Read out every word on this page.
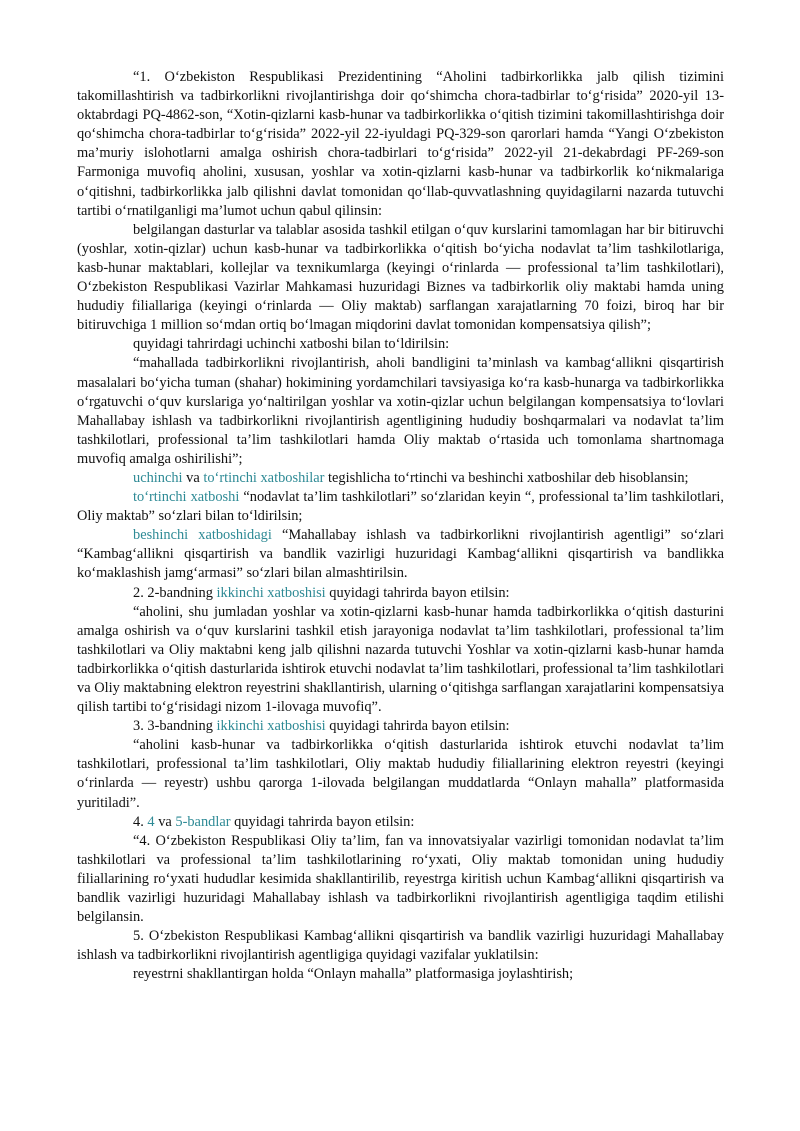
“1. O‘zbekiston Respublikasi Prezidentining “Aholini tadbirkorlikka jalb qilish tizimini takomillashtirish va tadbirkorlikni rivojlantirishga doir qo‘shimcha chora-tadbirlar to‘g‘risida” 2020-yil 13-oktabrdagi PQ-4862-son, “Xotin-qizlarni kasb-hunar va tadbirkorlikka o‘qitish tizimini takomillashtirishga doir qo‘shimcha chora-tadbirlar to‘g‘risida” 2022-yil 22-iyuldagi PQ-329-son qarorlari hamda “Yangi O‘zbekiston ma’muriy islohotlarni amalga oshirish chora-tadbirlari to‘g‘risida” 2022-yil 21-dekabrdagi PF-269-son Farmoniga muvofiq aholini, xususan, yoshlar va xotin-qizlarni kasb-hunar va tadbirkorlik ko‘nikmalariga o‘qitishni, tadbirkorlikka jalb qilishni davlat tomonidan qo‘llab-quvvatlashning quyidagilarni nazarda tutuvchi tartibi o‘rnatilganligi ma’lumot uchun qabul qilinsin:

belgilangan dasturlar va talablar asosida tashkil etilgan o‘quv kurslarini tamomlagan har bir bitiruvchi (yoshlar, xotin-qizlar) uchun kasb-hunar va tadbirkorlikka o‘qitish bo‘yicha nodavlat ta’lim tashkilotlariga, kasb-hunar maktablari, kollejlar va texnikumlarga (keyingi o‘rinlarda — professional ta’lim tashkilotlari), O‘zbekiston Respublikasi Vazirlar Mahkamasi huzuridagi Biznes va tadbirkorlik oliy maktabi hamda uning hududiy filiallariga (keyingi o‘rinlarda — Oliy maktab) sarflangan xarajatlarning 70 foizi, biroq har bir bitiruvchiga 1 million so‘mdan ortiq bo‘lmagan miqdorini davlat tomonidan kompensatsiya qilish”;

quyidagi tahrirdagi uchinchi xatboshi bilan to‘ldirilsin:

“mahallada tadbirkorlikni rivojlantirish, aholi bandligini ta’minlash va kambag‘allikni qisqartirish masalalari bo‘yicha tuman (shahar) hokimining yordamchilari tavsiyasiga ko‘ra kasb-hunarga va tadbirkorlikka o‘rgatuvchi o‘quv kurslariga yo‘naltirilgan yoshlar va xotin-qizlar uchun belgilangan kompensatsiya to‘lovlari Mahallabay ishlash va tadbirkorlikni rivojlantirish agentligining hududiy boshqarmalari va nodavlat ta’lim tashkilotlari, professional ta’lim tashkilotlari hamda Oliy maktab o‘rtasida uch tomonlama shartnomaga muvofiq amalga oshirilishi”;

uchinchi va to‘rtinchi xatboshilar tegishlicha to‘rtinchi va beshinchi xatboshilar deb hisoblansin;

to‘rtinchi xatboshi “nodavlat ta’lim tashkilotlari” so‘zlaridan keyin “, professional ta’lim tashkilotlari, Oliy maktab” so‘zlari bilan to‘ldirilsin;

beshinchi xatboshidagi “Mahallabay ishlash va tadbirkorlikni rivojlantirish agentligi” so‘zlari “Kambag‘allikni qisqartirish va bandlik vazirligi huzuridagi Kambag‘allikni qisqartirish va bandlikka ko‘maklashish jamg‘armasi” so‘zlari bilan almashtirilsin.

2. 2-bandning ikkinchi xatboshisi quyidagi tahrirda bayon etilsin:

“aholini, shu jumladan yoshlar va xotin-qizlarni kasb-hunar hamda tadbirkorlikka o‘qitish dasturini amalga oshirish va o‘quv kurslarini tashkil etish jarayoniga nodavlat ta’lim tashkilotlari, professional ta’lim tashkilotlari va Oliy maktabni keng jalb qilishni nazarda tutuvchi Yoshlar va xotin-qizlarni kasb-hunar hamda tadbirkorlikka o‘qitish dasturlarida ishtirok etuvchi nodavlat ta’lim tashkilotlari, professional ta’lim tashkilotlari va Oliy maktabning elektron reyestrini shakllantirish, ularning o‘qitishga sarflangan xarajatlarini kompensatsiya qilish tartibi to‘g‘risidagi nizom 1-ilovaga muvofiq”.

3. 3-bandning ikkinchi xatboshisi quyidagi tahrirda bayon etilsin:

“aholini kasb-hunar va tadbirkorlikka o‘qitish dasturlarida ishtirok etuvchi nodavlat ta’lim tashkilotlari, professional ta’lim tashkilotlari, Oliy maktab hududiy filiallarining elektron reyestri (keyingi o‘rinlarda — reyestr) ushbu qarorga 1-ilovada belgilangan muddatlarda “Onlayn mahalla” platformasida yuritiladi”.

4. 4 va 5-bandlar quyidagi tahrirda bayon etilsin:

“4. O‘zbekiston Respublikasi Oliy ta’lim, fan va innovatsiyalar vazirligi tomonidan nodavlat ta’lim tashkilotlari va professional ta’lim tashkilotlarining ro‘yxati, Oliy maktab tomonidan uning hududiy filiallarining ro‘yxati hududlar kesimida shakllantirilib, reyestrga kiritish uchun Kambag‘allikni qisqartirish va bandlik vazirligi huzuridagi Mahallabay ishlash va tadbirkorlikni rivojlantirish agentligiga taqdim etilishi belgilansin.

5. O‘zbekiston Respublikasi Kambag‘allikni qisqartirish va bandlik vazirligi huzuridagi Mahallabay ishlash va tadbirkorlikni rivojlantirish agentligiga quyidagi vazifalar yuklatilsin:

reyestrni shakllantirgan holda “Onlayn mahalla” platformasiga joylashtirish;
